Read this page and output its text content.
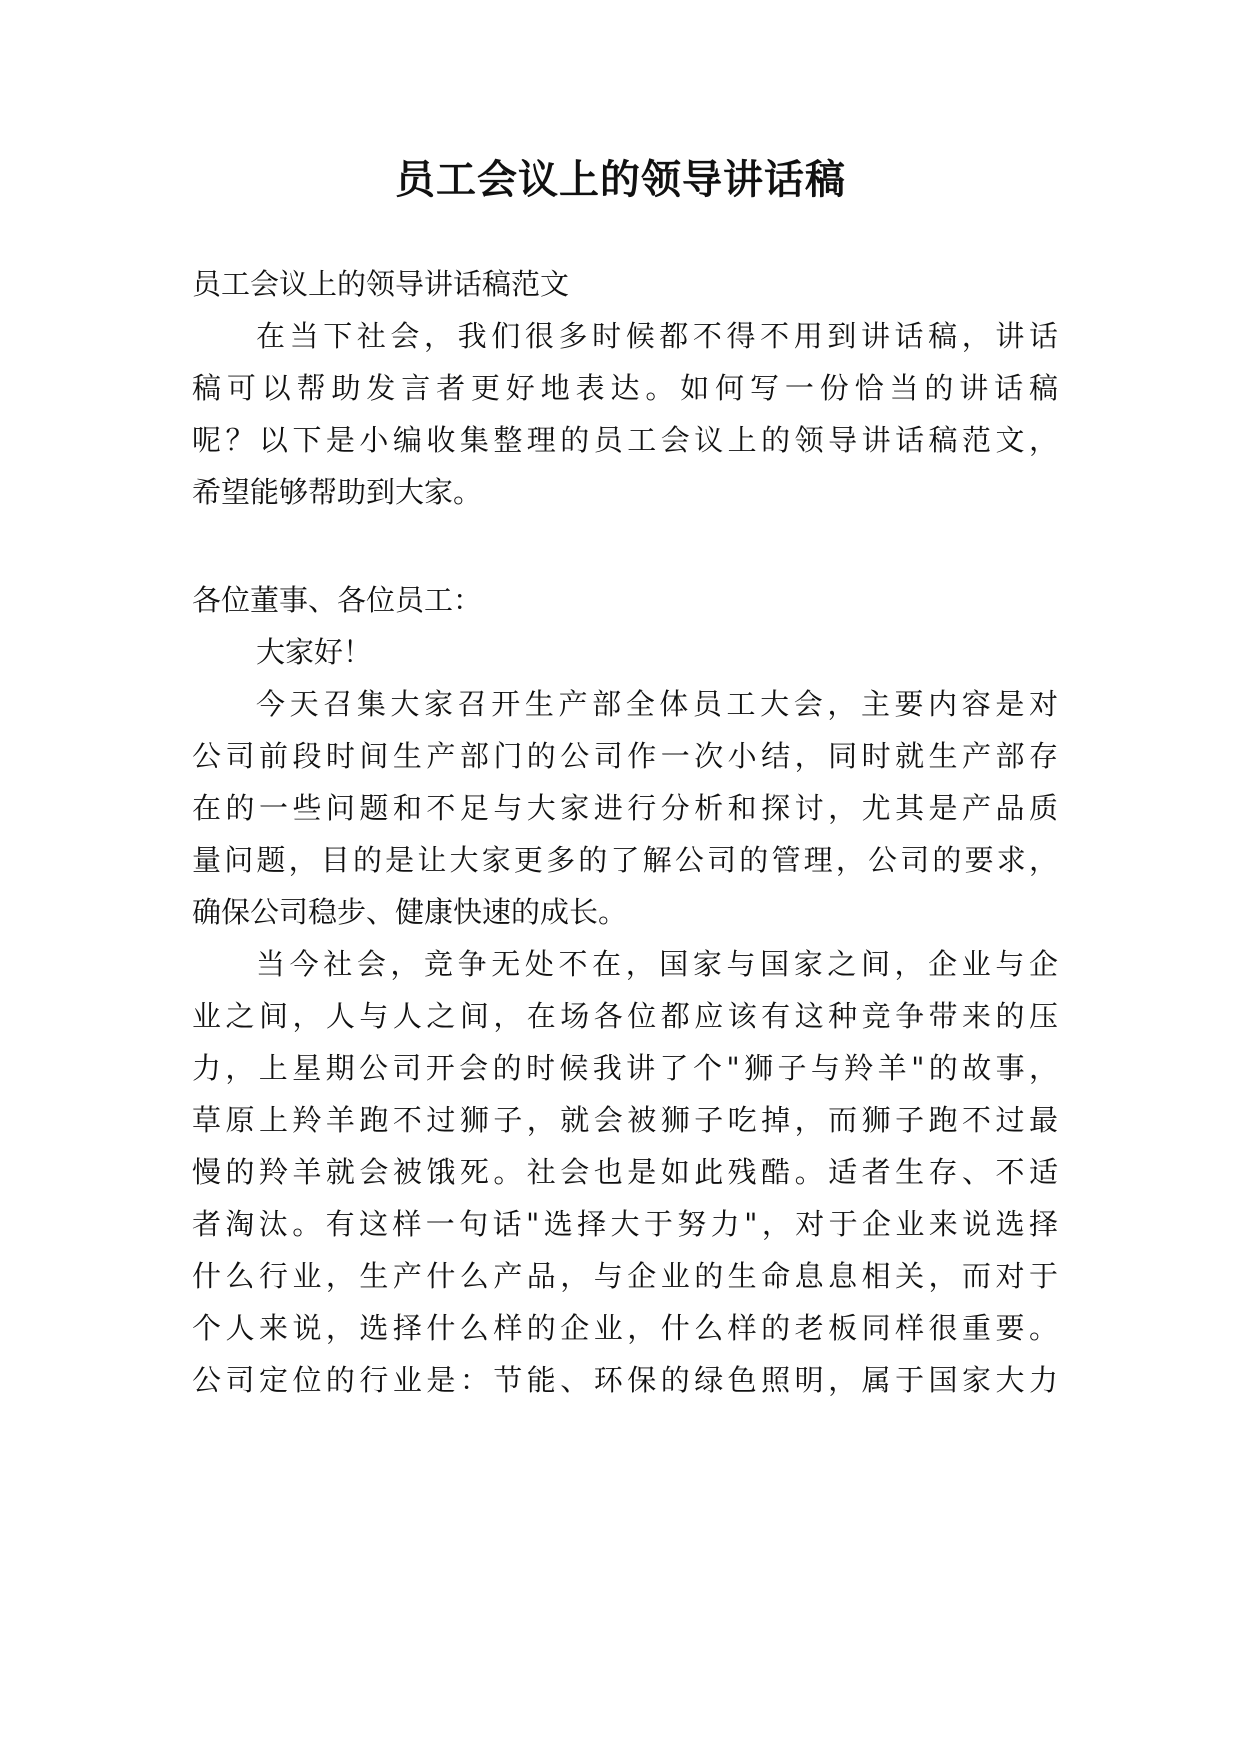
员工会议上的领导讲话稿

员工会议上的领导讲话稿范文

在当下社会，我们很多时候都不得不用到讲话稿，讲话

稿可以帮助发言者更好地表达。如何写一份恰当的讲话稿

呢？以下是小编收集整理的员工会议上的领导讲话稿范文，

希望能够帮助到大家。

各位董事、各位员工：

大家好！

今天召集大家召开生产部全体员工大会，主要内容是对

公司前段时间生产部门的公司作一次小结，同时就生产部存

在的一些问题和不足与大家进行分析和探讨，尤其是产品质

量问题，目的是让大家更多的了解公司的管理，公司的要求，

确保公司稳步、健康快速的成长。

当今社会，竞争无处不在，国家与国家之间，企业与企

业之间，人与人之间，在场各位都应该有这种竞争带来的压

力，上星期公司开会的时候我讲了个"狮子与羚羊"的故事，

草原上羚羊跑不过狮子，就会被狮子吃掉，而狮子跑不过最

慢的羚羊就会被饿死。社会也是如此残酷。适者生存、不适

者淘汰。有这样一句话"选择大于努力"，对于企业来说选择

什么行业，生产什么产品，与企业的生命息息相关，而对于

个人来说，选择什么样的企业，什么样的老板同样很重要。

公司定位的行业是：节能、环保的绿色照明，属于国家大力
